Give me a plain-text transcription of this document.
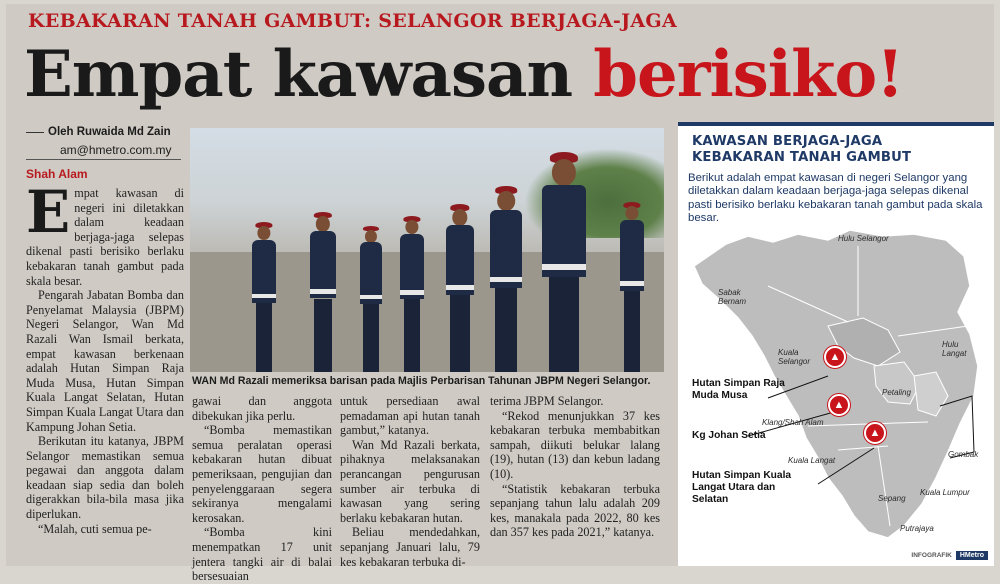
KEBAKARAN TANAH GAMBUT: SELANGOR BERJAGA-JAGA
Empat kawasan berisiko!
Oleh Ruwaida Md Zain
am@hmetro.com.my
Shah Alam
E mpat kawasan di negeri ini diletakkan dalam keadaan berjaga-jaga selepas dikenal pasti berisiko berlaku kebakaran tanah gambut pada skala besar.

Pengarah Jabatan Bomba dan Penyelamat Malaysia (JBPM) Negeri Selangor, Wan Md Razali Wan Ismail berkata, empat kawasan berkenaan adalah Hutan Simpan Raja Muda Musa, Hutan Simpan Kuala Langat Selatan, Hutan Simpan Kuala Langat Utara dan Kampung Johan Setia.

Berikutan itu katanya, JBPM Selangor memastikan semua pegawai dan anggota dalam keadaan siap sedia dan boleh digerakkan bila-bila masa jika diperlukan.

“Malah, cuti semua pe-

WAN Md Razali memeriksa barisan pada Majlis Perbarisan Tahunan JBPM Negeri Selangor.

gawai dan anggota dibekukan jika perlu.

“Bomba memastikan semua peralatan operasi kebakaran hutan dibuat pemeriksaan, pengujian dan penyelenggaraan segera sekiranya mengalami kerosakan.

“Bomba kini menempatkan 17 unit jentera tangki air di balai bersesuaian

untuk persediaan awal pemadaman api hutan tanah gambut,” katanya.

Wan Md Razali berkata, pihaknya melaksanakan perancangan pengurusan sumber air terbuka di kawasan yang sering berlaku kebakaran hutan.

Beliau mendedahkan, sepanjang Januari lalu, 79 kes kebakaran terbuka di-

terima JBPM Selangor.

“Rekod menunjukkan 37 kes kebakaran terbuka membabitkan sampah, diikuti belukar lalang (19), hutan (13) dan kebun ladang (10).

“Statistik kebakaran terbuka sepanjang tahun lalu adalah 209 kes, manakala pada 2022, 80 kes dan 357 kes pada 2021,” katanya.

KAWASAN BERJAGA-JAGA
KEBAKARAN TANAH GAMBUT
Berikut adalah empat kawasan di negeri Selangor yang diletakkan dalam keadaan berjaga-jaga selepas dikenal pasti berisiko berlaku kebakaran tanah gambut pada skala besar.
Hulu Selangor
Sabak Bernam
Hulu Langat
Kuala Selangor
Petaling
Klang/Shah Alam
Gombak
Kuala Langat
Kuala Lumpur
Sepang
Putrajaya
▲
▲
▲
Hutan Simpan Raja Muda Musa
Kg Johan Setia
Hutan Simpan Kuala Langat Utara dan Selatan
INFOGRAFIK	HMetro
